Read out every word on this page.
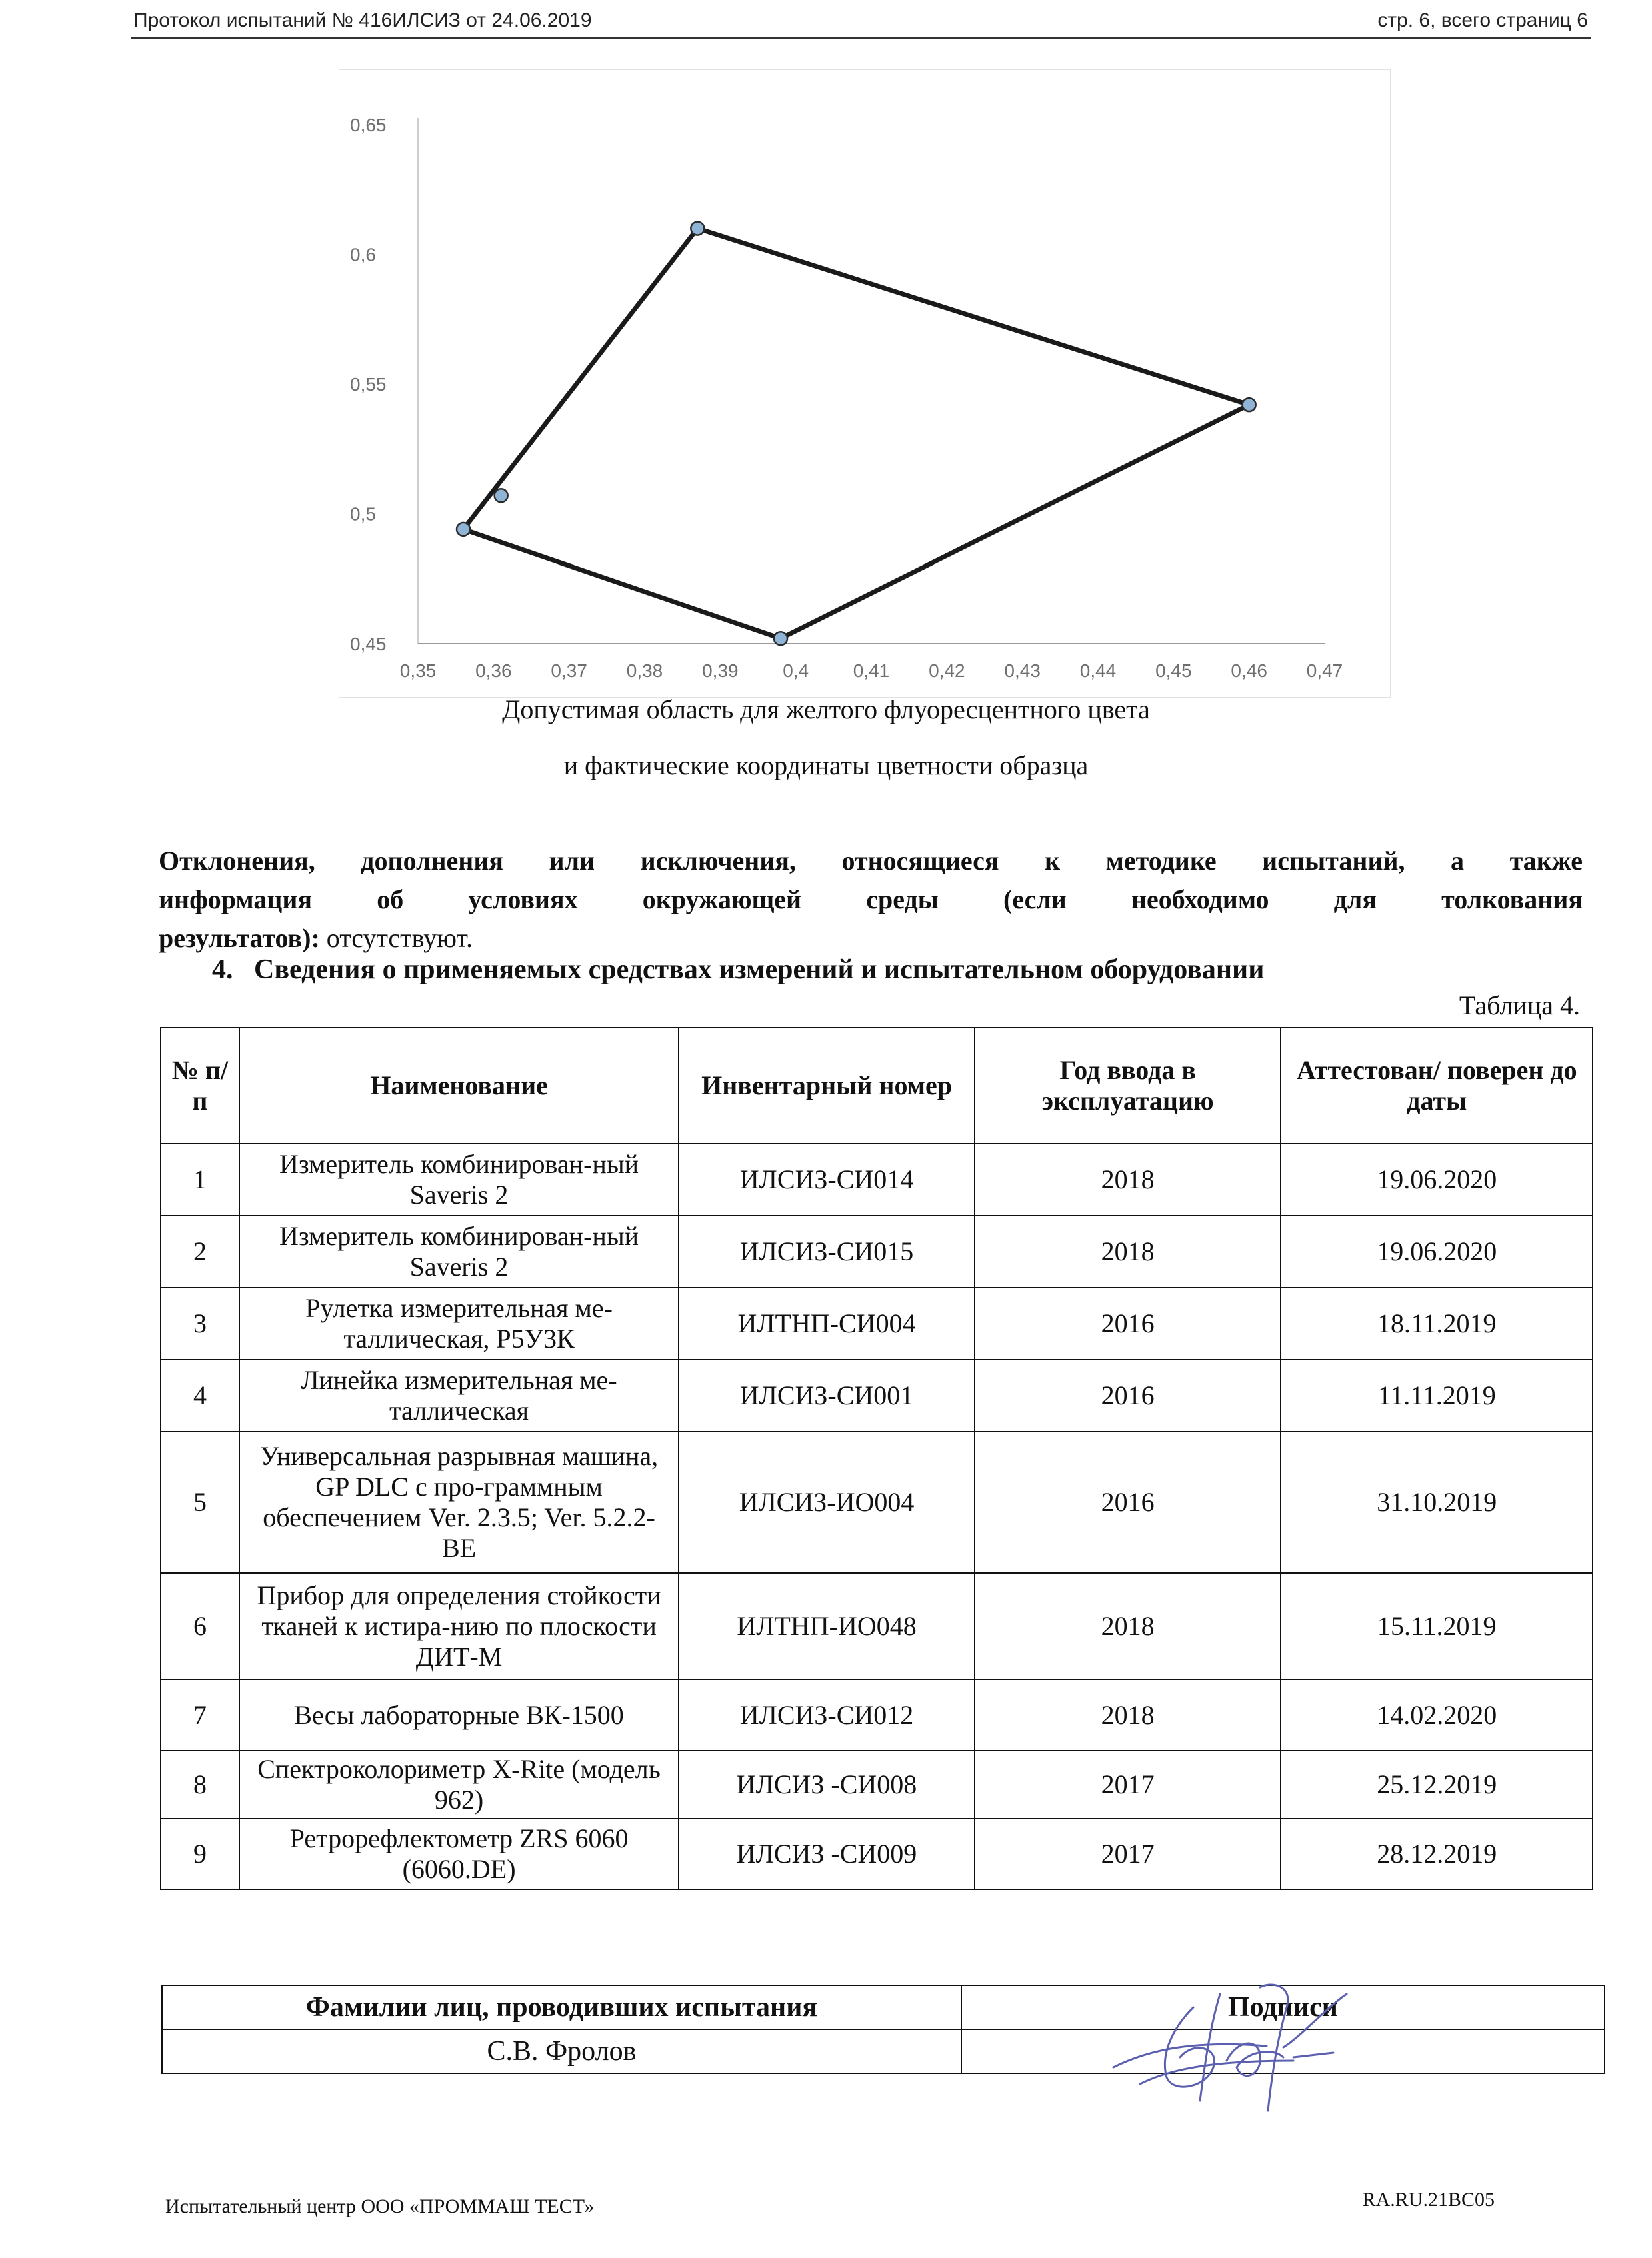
Протокол испытаний № 416ИЛСИЗ от 24.06.2019	стр. 6, всего страниц 6
0,35 0,36 0,37 0,38 0,39 0,4 0,41 0,42 0,43 0,44 0,45 0,46 0,47
0,65
0,6
0,55
0,5
0,45
Допустимая область для желтого флуоресцентного цвета
и фактические координаты цветности образца
Отклонения, дополнения или исключения, относящиеся к методике испытаний, а также
информация об условиях окружающей среды (если необходимо для толкования
результатов): отсутствуют.
4. Сведения о применяемых средствах измерений и испытательном оборудовании
Таблица 4.
№ п/п	Наименование	Инвентарный номер	Год ввода в эксплуатацию	Аттестован/ поверен до даты
1	Измеритель комбинирован-ный Saveris 2	ИЛСИЗ-СИ014	2018	19.06.2020
2	Измеритель комбинирован-ный Saveris 2	ИЛСИЗ-СИ015	2018	19.06.2020
3	Рулетка измерительная ме-таллическая, Р5У3К	ИЛТНП-СИ004	2016	18.11.2019
4	Линейка измерительная ме-таллическая	ИЛСИЗ-СИ001	2016	11.11.2019
5	Универсальная разрывная машина, GP DLC с про-граммным обеспечением Ver. 2.3.5; Ver. 5.2.2-BE	ИЛСИЗ-ИО004	2016	31.10.2019
6	Прибор для определения стойкости тканей к истира-нию по плоскости ДИТ-М	ИЛТНП-ИО048	2018	15.11.2019
7	Весы лабораторные ВК-1500	ИЛСИЗ-СИ012	2018	14.02.2020
8	Спектроколориметр X-Rite (модель 962)	ИЛСИЗ -СИ008	2017	25.12.2019
9	Ретрорефлектометр ZRS 6060 (6060.DE)	ИЛСИЗ -СИ009	2017	28.12.2019
Фамилии лиц, проводивших испытания	Подписи
С.В. Фролов	
Испытательный центр ООО «ПРОММАШ ТЕСТ»	RA.RU.21ВС05
